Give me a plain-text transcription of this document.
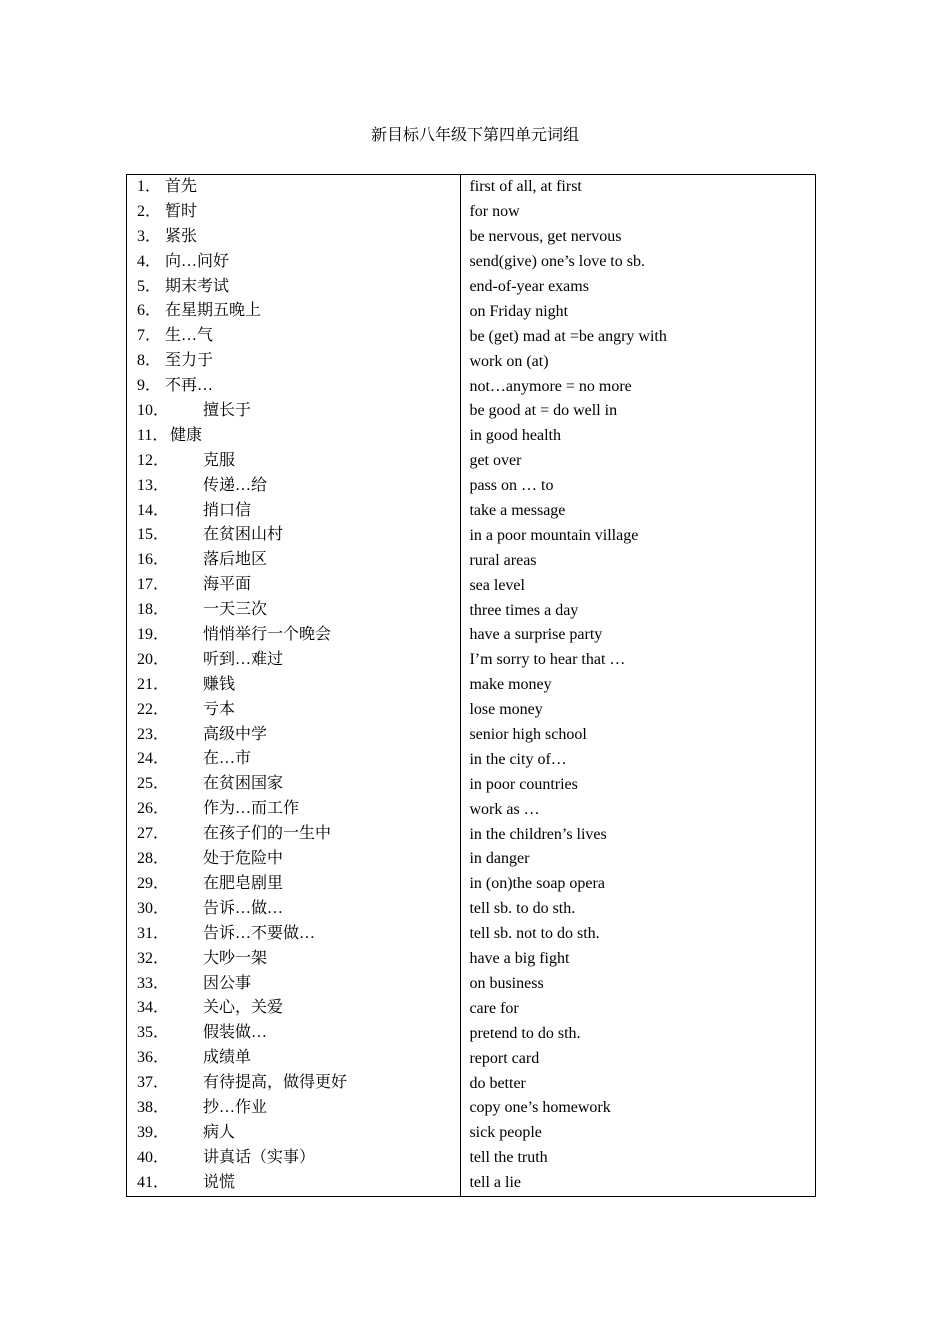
新目标八年级下第四单元词组
1． 首先	first of all, at first

2． 暂时	for now

3． 紧张	be nervous, get nervous

4． 向…问好	send(give) one’s love to sb.

5． 期末考试	end-of-year exams

6． 在星期五晚上	on Friday night

7． 生…气	be (get) mad at =be angry with

8． 至力于	work on (at)

9． 不再…	not…anymore = no more

10． 擅长于	be good at = do well in

11． 健康	in good health

12． 克服	get over

13． 传递…给	pass on … to

14． 捎口信	take a message

15． 在贫困山村	in a poor mountain village

16． 落后地区	rural areas

17． 海平面	sea level

18． 一天三次	three times a day

19． 悄悄举行一个晚会	have a surprise party

20． 听到…难过	I’m sorry to hear that …

21． 赚钱	make money

22． 亏本	lose money

23． 高级中学	senior high school

24． 在…市	in the city of…

25． 在贫困国家	in poor countries

26． 作为…而工作	work as …

27． 在孩子们的一生中	in the children’s lives

28． 处于危险中	in danger

29． 在肥皂剧里	in (on)the soap opera

30． 告诉…做…	tell sb. to do sth.

31． 告诉…不要做…	tell sb. not to do sth.

32． 大吵一架	have a big fight

33． 因公事	on business

34． 关心，关爱	care for

35． 假装做…	pretend to do sth.

36． 成绩单	report card

37． 有待提高，做得更好	do better

38． 抄…作业	copy one’s homework

39． 病人	sick people

40． 讲真话（实事）	tell the truth

41． 说慌	tell a lie
